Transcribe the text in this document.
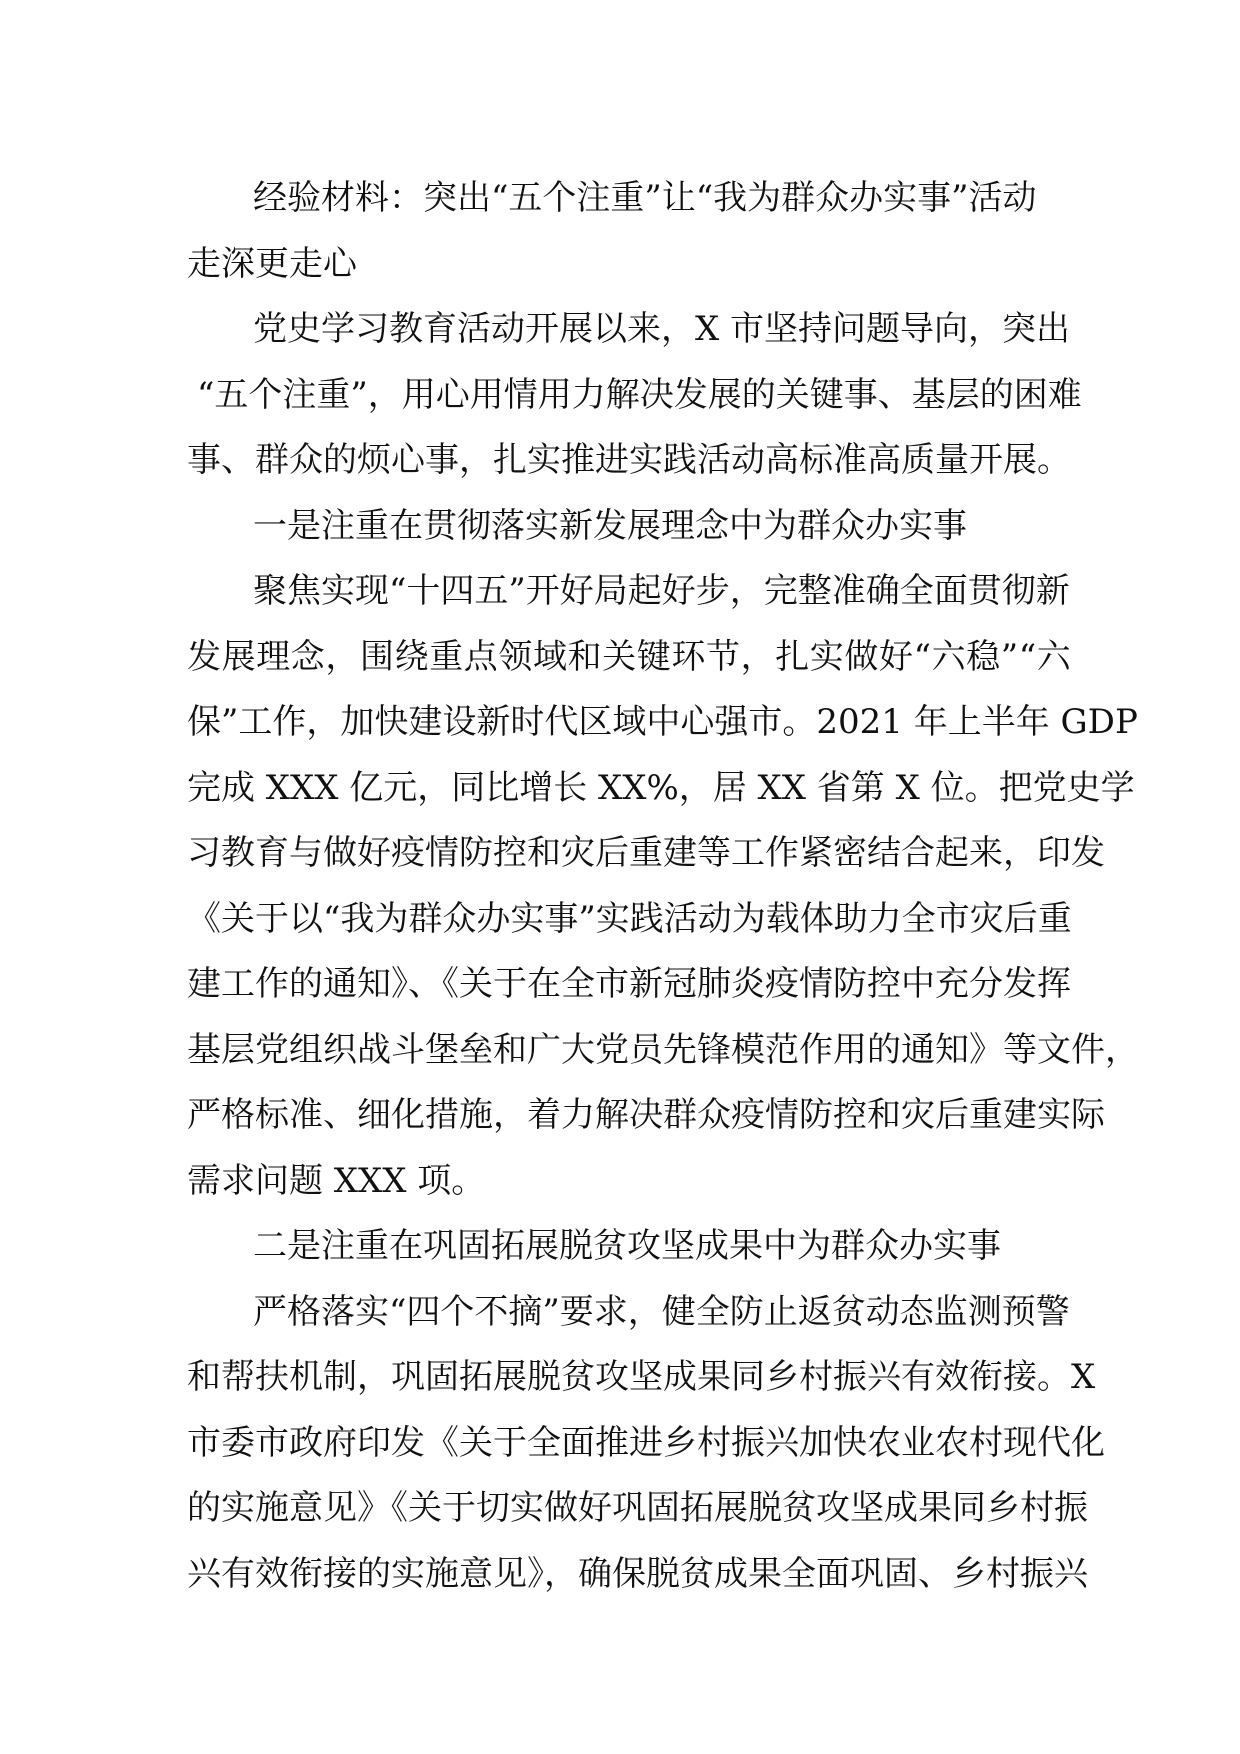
经验材料：突出“五个注重”让“我为群众办实事”活动
走深更走心
党史学习教育活动开展以来，X 市坚持问题导向，突出
“五个注重”，用心用情用力解决发展的关键事、基层的困难
事、群众的烦心事，扎实推进实践活动高标准高质量开展。
一是注重在贯彻落实新发展理念中为群众办实事
聚焦实现“十四五”开好局起好步，完整准确全面贯彻新
发展理念，围绕重点领域和关键环节，扎实做好“六稳”“六
保”工作，加快建设新时代区域中心强市。2021 年上半年 GDP
完成 XXX 亿元，同比增长 XX%，居 XX 省第 X 位。把党史学
习教育与做好疫情防控和灾后重建等工作紧密结合起来，印发
《关于以“我为群众办实事”实践活动为载体助力全市灾后重
建工作的通知》、《关于在全市新冠肺炎疫情防控中充分发挥
基层党组织战斗堡垒和广大党员先锋模范作用的通知》等文件，
严格标准、细化措施，着力解决群众疫情防控和灾后重建实际
需求问题 XXX 项。
二是注重在巩固拓展脱贫攻坚成果中为群众办实事
严格落实“四个不摘”要求，健全防止返贫动态监测预警
和帮扶机制，巩固拓展脱贫攻坚成果同乡村振兴有效衔接。X
市委市政府印发《关于全面推进乡村振兴加快农业农村现代化
的实施意见》《关于切实做好巩固拓展脱贫攻坚成果同乡村振
兴有效衔接的实施意见》，确保脱贫成果全面巩固、乡村振兴
